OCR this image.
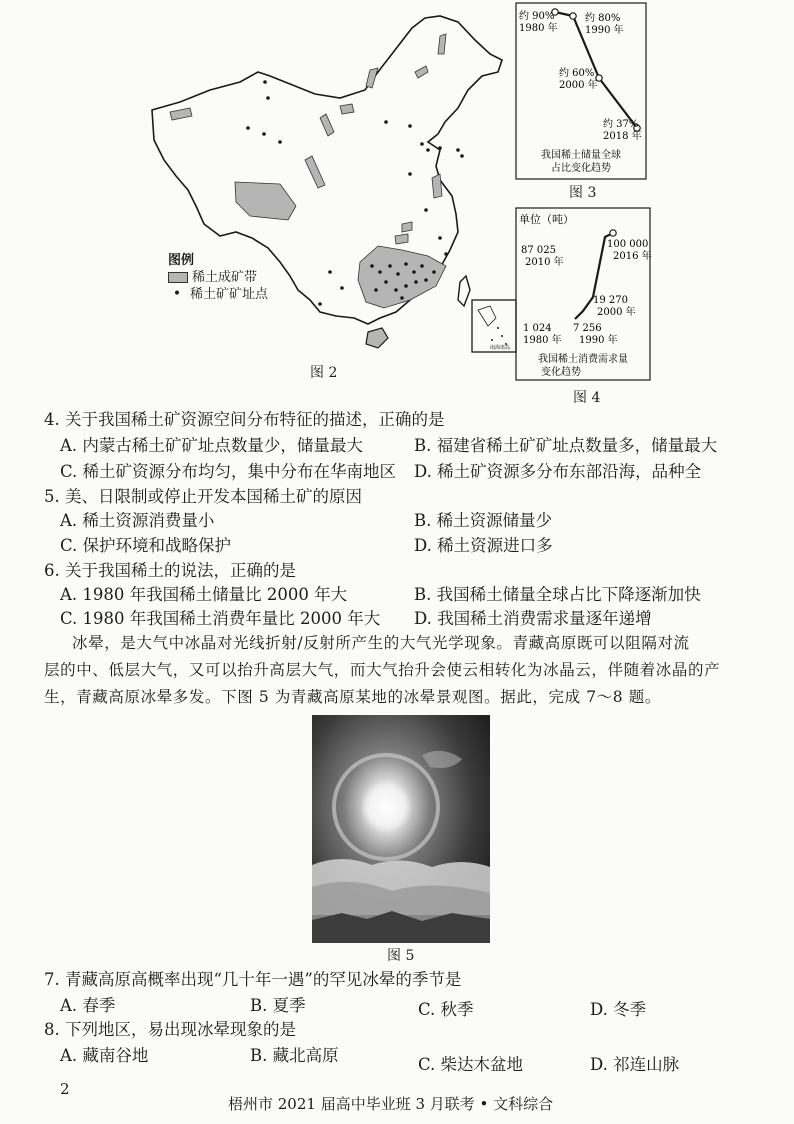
南海诸岛
图例
稀土成矿带
• 稀土矿矿址点
图 2
约 90%
1980 年
约 80%
1990 年
约 60%
2000 年
约 37%
2018 年
我国稀土储量全球
占比变化趋势
图 3
单位（吨）
1 024
1980 年
7 256
1990 年
19 270
2000 年
87 025
2010 年
100 000
2016 年
我国稀土消费需求量
变化趋势
图 4
4. 关于我国稀土矿资源空间分布特征的描述，正确的是
A. 内蒙古稀土矿矿址点数量少，储量最大	B. 福建省稀土矿矿址点数量多，储量最大
C. 稀土矿资源分布均匀，集中分布在华南地区 D. 稀土矿资源多分布东部沿海，品种全
5. 美、日限制或停止开发本国稀土矿的原因
A. 稀土资源消费量小	B. 稀土资源储量少
C. 保护环境和战略保护	D. 稀土资源进口多
6. 关于我国稀土的说法，正确的是
A. 1980 年我国稀土储量比 2000 年大	B. 我国稀土储量全球占比下降逐渐加快
C. 1980 年我国稀土消费年量比 2000 年大 D. 我国稀土消费需求量逐年递增
冰晕，是大气中冰晶对光线折射/反射所产生的大气光学现象。青藏高原既可以阻隔对流
层的中、低层大气，又可以抬升高层大气，而大气抬升会使云相转化为冰晶云，伴随着冰晶的产
生，青藏高原冰晕多发。下图 5 为青藏高原某地的冰晕景观图。据此，完成 7～8 题。
图 5
7. 青藏高原高概率出现“几十年一遇”的罕见冰晕的季节是
A. 春季	B. 夏季	C. 秋季	D. 冬季
8. 下列地区，易出现冰晕现象的是
A. 藏南谷地	B. 藏北高原	C. 柴达木盆地	D. 祁连山脉
2
梧州市 2021 届高中毕业班 3 月联考 • 文科综合
